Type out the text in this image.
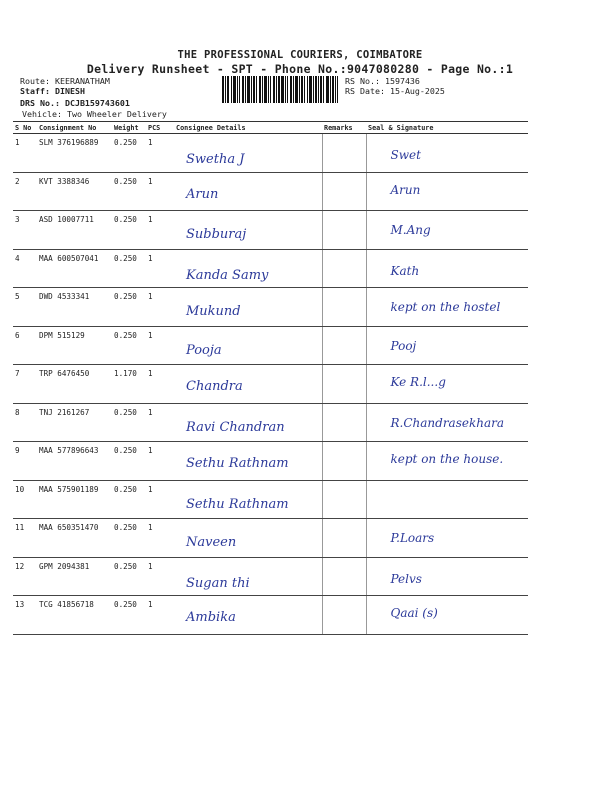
THE PROFESSIONAL COURIERS, COIMBATORE
Delivery Runsheet - SPT - Phone No.:9047080280 - Page No.:1
Route: KEERANATHAM
Staff: DINESH
DRS No.: DCJB159743601
Vehicle: Two Wheeler Delivery
RS No.: 1597436
RS Date: 15-Aug-2025
S No	Consignment No	Weight	PCS	Consignee Details	Remarks	Seal & Signature
1	SLM 376196889	0.250	1	Swetha J		Swet

2	KVT 3388346	0.250	1	Arun		Arun

3	ASD 10007711	0.250	1	Subburaj		M.Ang

4	MAA 600507041	0.250	1	Kanda Samy		Kath

5	DWD 4533341	0.250	1	Mukund		kept on the hostel

6	DPM 515129	0.250	1	Pooja		Pooj

7	TRP 6476450	1.170	1	Chandra		Ke R.l...g

8	TNJ 2161267	0.250	1	Ravi Chandran		R.Chandrasekhara

9	MAA 577896643	0.250	1	Sethu Rathnam		kept on the house.

10	MAA 575901189	0.250	1	Sethu Rathnam		

11	MAA 650351470	0.250	1	Naveen		P.Loars

12	GPM 2094381	0.250	1	Sugan thi		Pelvs

13	TCG 41856718	0.250	1	Ambika		Qaai (s)
